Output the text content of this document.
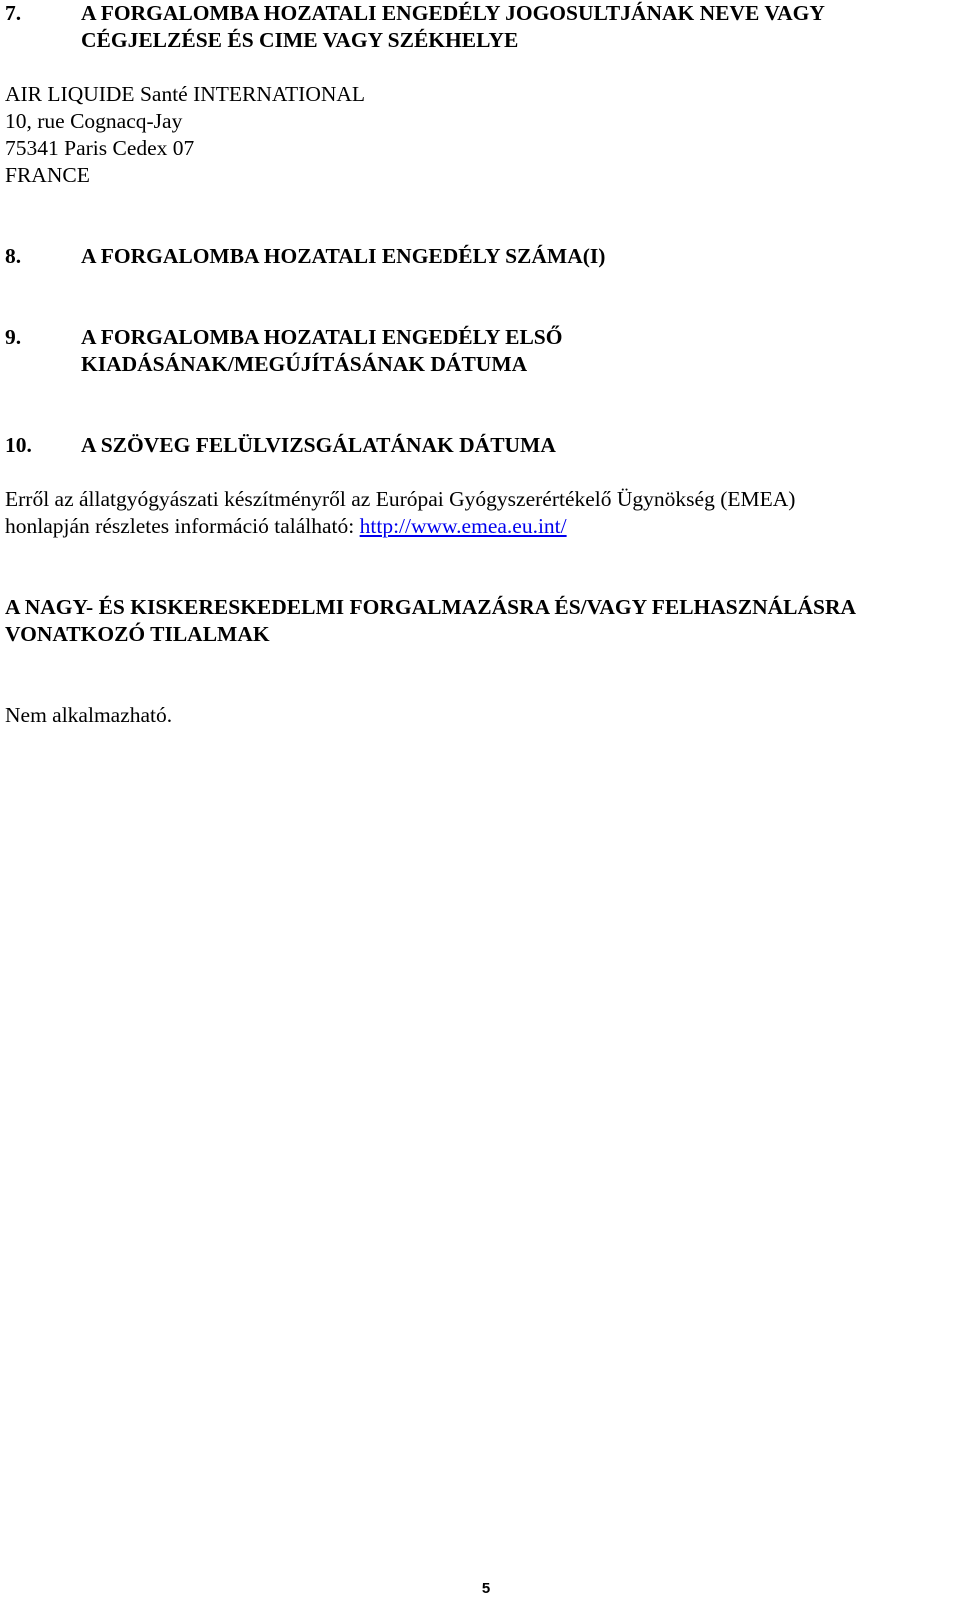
7.	A FORGALOMBA HOZATALI ENGEDÉLY JOGOSULTJÁNAK NEVE VAGY
CÉGJELZÉSE ÉS CIME VAGY SZÉKHELYE
AIR LIQUIDE Santé INTERNATIONAL
10, rue Cognacq-Jay
75341 Paris Cedex 07
FRANCE
8.	A FORGALOMBA HOZATALI ENGEDÉLY SZÁMA(I)
9.	A FORGALOMBA HOZATALI ENGEDÉLY ELSŐ
KIADÁSÁNAK/MEGÚJÍTÁSÁNAK DÁTUMA
10.	A SZÖVEG FELÜLVIZSGÁLATÁNAK DÁTUMA
Erről az állatgyógyászati készítményről az Európai Gyógyszerértékelő Ügynökség (EMEA)
honlapján részletes információ található: http://www.emea.eu.int/
A NAGY- ÉS KISKERESKEDELMI FORGALMAZÁSRA ÉS/VAGY FELHASZNÁLÁSRA
VONATKOZÓ TILALMAK
Nem alkalmazható.
5
